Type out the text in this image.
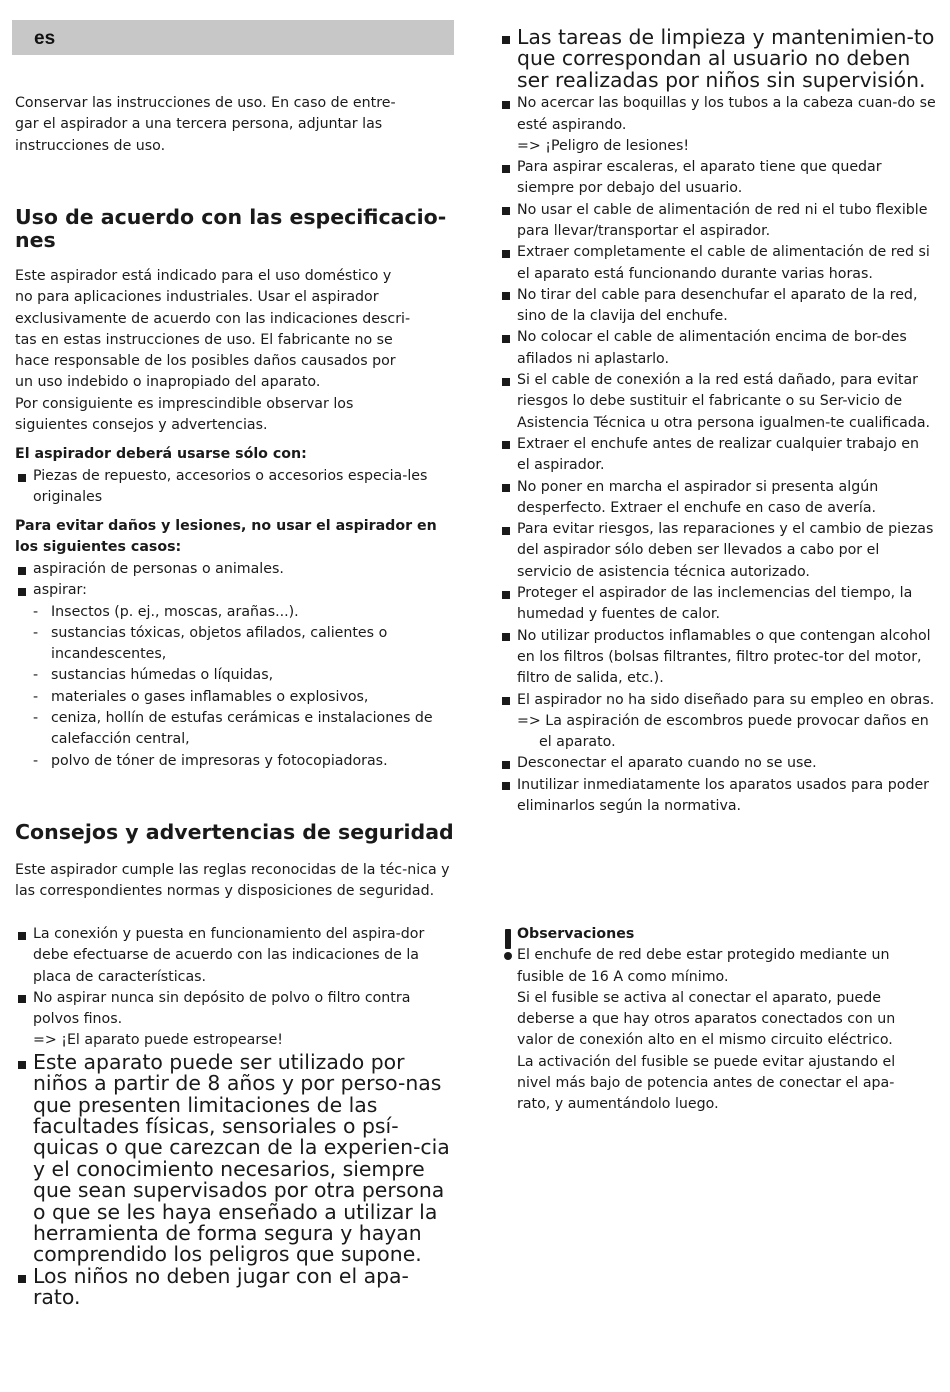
es
Conservar las instrucciones de uso. En caso de entre-
gar el aspirador a una tercera persona, adjuntar las
instrucciones de uso.
Uso de acuerdo con las especificacio-
nes
Este aspirador está indicado para el uso doméstico y
no para aplicaciones industriales. Usar el aspirador
exclusivamente de acuerdo con las indicaciones descri-
tas en estas instrucciones de uso. El fabricante no se
hace responsable de los posibles daños causados por
un uso indebido o inapropiado del aparato.
Por consiguiente es imprescindible observar los
siguientes consejos y advertencias.
El aspirador deberá usarse sólo con:
Piezas de repuesto, accesorios o accesorios especia-les originales
Para evitar daños y lesiones, no usar el aspirador en los siguientes casos:
aspiración de personas o animales.
aspirar:
- Insectos (p. ej., moscas, arañas...).
- sustancias tóxicas, objetos afilados, calientes o incandescentes,
- sustancias húmedas o líquidas,
- materiales o gases inflamables o explosivos,
- ceniza, hollín de estufas cerámicas e instalaciones de calefacción central,
- polvo de tóner de impresoras y fotocopiadoras.
Consejos y advertencias de seguridad
Este aspirador cumple las reglas reconocidas de la téc-nica y las correspondientes normas y disposiciones de seguridad.
La conexión y puesta en funcionamiento del aspira-dor debe efectuarse de acuerdo con las indicaciones de la placa de características.
No aspirar nunca sin depósito de polvo o filtro contra polvos finos.
=> ¡El aparato puede estropearse!
Este aparato puede ser utilizado por niños a partir de 8 años y por perso-nas que presenten limitaciones de las facultades físicas, sensoriales o psí-quicas o que carezcan de la experien-cia y el conocimiento necesarios, siempre que sean supervisados por otra persona o que se les haya enseñado a utilizar la herramienta de forma segura y hayan comprendido los peligros que supone.
Los niños no deben jugar con el apa-rato.
Las tareas de limpieza y mantenimien-to que correspondan al usuario no deben ser realizadas por niños sin supervisión.
No acercar las boquillas y los tubos a la cabeza cuan-do se esté aspirando.
=> ¡Peligro de lesiones!
Para aspirar escaleras, el aparato tiene que quedar siempre por debajo del usuario.
No usar el cable de alimentación de red ni el tubo flexible para llevar/transportar el aspirador.
Extraer completamente el cable de alimentación de red si el aparato está funcionando durante varias horas.
No tirar del cable para desenchufar el aparato de la red, sino de la clavija del enchufe.
No colocar el cable de alimentación encima de bor-des afilados ni aplastarlo.
Si el cable de conexión a la red está dañado, para evitar riesgos lo debe sustituir el fabricante o su Ser-vicio de Asistencia Técnica u otra persona igualmen-te cualificada.
Extraer el enchufe antes de realizar cualquier trabajo en el aspirador.
No poner en marcha el aspirador si presenta algún desperfecto. Extraer el enchufe en caso de avería.
Para evitar riesgos, las reparaciones y el cambio de piezas del aspirador sólo deben ser llevados a cabo por el servicio de asistencia técnica autorizado.
Proteger el aspirador de las inclemencias del tiempo, la humedad y fuentes de calor.
No utilizar productos inflamables o que contengan alcohol en los filtros (bolsas filtrantes, filtro protec-tor del motor, filtro de salida, etc.).
El aspirador no ha sido diseñado para su empleo en obras.
=> La aspiración de escombros puede provocar daños en el aparato.
Desconectar el aparato cuando no se use.
Inutilizar inmediatamente los aparatos usados para poder eliminarlos según la normativa.
Observaciones
El enchufe de red debe estar protegido mediante un
fusible de 16 A como mínimo.
Si el fusible se activa al conectar el aparato, puede
deberse a que hay otros aparatos conectados con un
valor de conexión alto en el mismo circuito eléctrico.
La activación del fusible se puede evitar ajustando el
nivel más bajo de potencia antes de conectar el apa-
rato, y aumentándolo luego.
